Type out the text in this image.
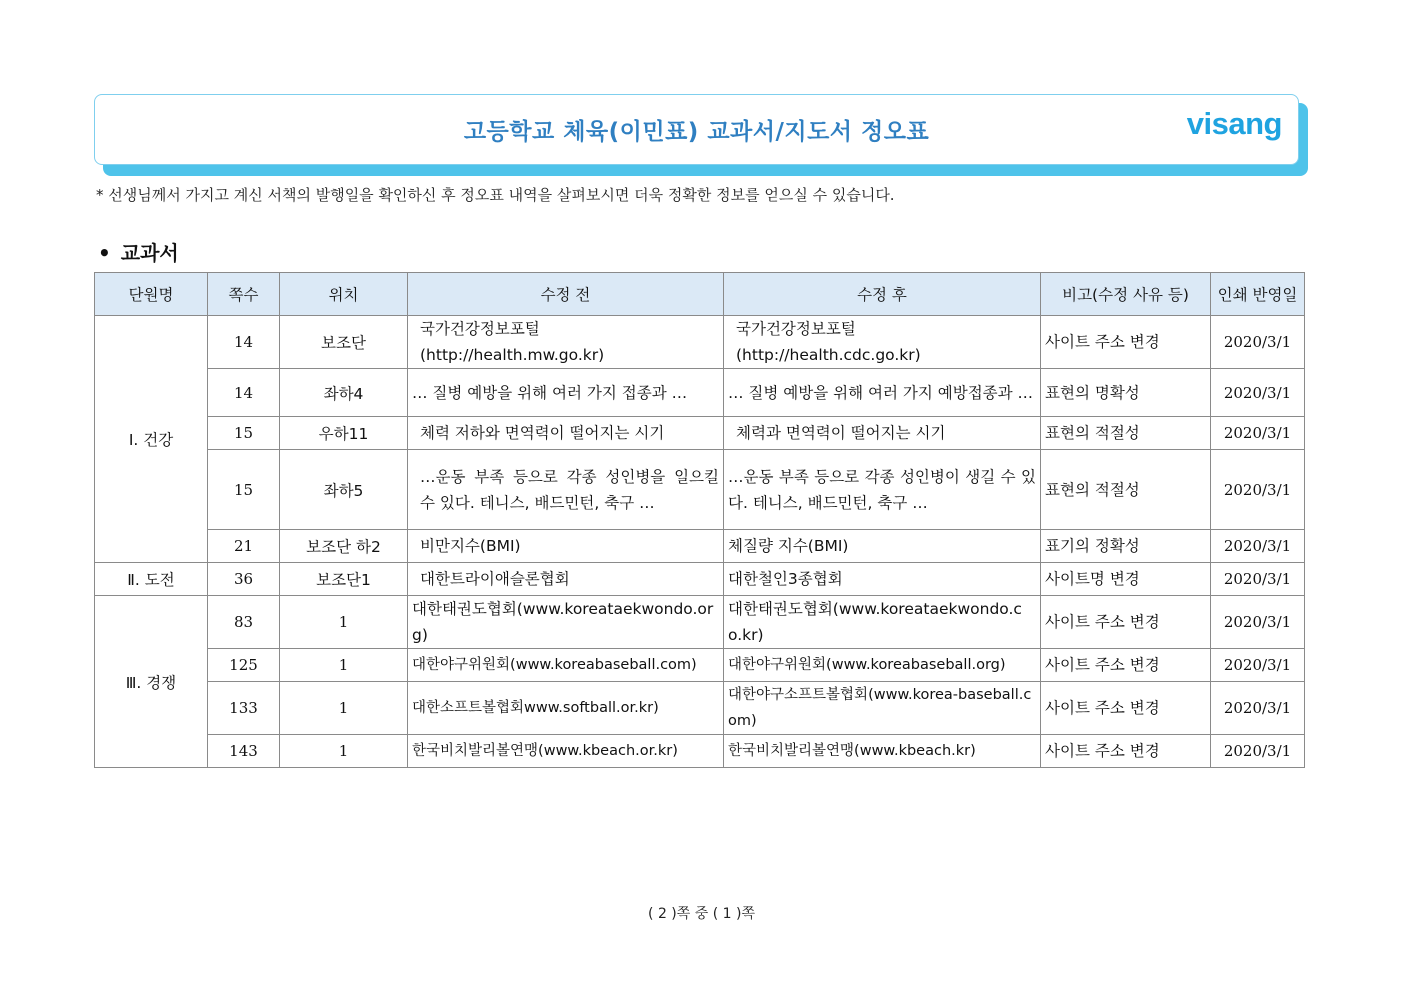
고등학교 체육(이민표) 교과서/지도서 정오표	visang
* 선생님께서 가지고 계신 서책의 발행일을 확인하신 후 정오표 내역을 살펴보시면 더욱 정확한 정보를 얻으실 수 있습니다.
• 교과서
단원명	쪽수	위치	수정 전	수정 후	비고(수정 사유 등)	인쇄 반영일
Ⅰ. 건강	14	보조단	국가건강정보포털 (http://health.mw.go.kr)	국가건강정보포털 (http://health.cdc.go.kr)	사이트 주소 변경	2020/3/1
	14	좌하4	… 질병 예방을 위해 여러 가지 접종과 …	… 질병 예방을 위해 여러 가지 예방접종과 …	표현의 명확성	2020/3/1
	15	우하11	체력 저하와 면역력이 떨어지는 시기	체력과 면역력이 떨어지는 시기	표현의 적절성	2020/3/1
	15	좌하5	…운동 부족 등으로 각종 성인병을 일으킬 수 있다. 테니스, 배드민턴, 축구 …	…운동 부족 등으로 각종 성인병이 생길 수 있다. 테니스, 배드민턴, 축구 …	표현의 적절성	2020/3/1
	21	보조단 하2	비만지수(BMI)	체질량 지수(BMI)	표기의 정확성	2020/3/1
Ⅱ. 도전	36	보조단1	대한트라이애슬론협회	대한철인3종협회	사이트명 변경	2020/3/1
Ⅲ. 경쟁	83	1	대한태권도협회(www.koreataekwondo.org)	대한태권도협회(www.koreataekwondo.co.kr)	사이트 주소 변경	2020/3/1
	125	1	대한야구위원회(www.koreabaseball.com)	대한야구위원회(www.koreabaseball.org)	사이트 주소 변경	2020/3/1
	133	1	대한소프트볼협회www.softball.or.kr)	대한야구소프트볼협회(www.korea-baseball.com)	사이트 주소 변경	2020/3/1
	143	1	한국비치발리볼연맹(www.kbeach.or.kr)	한국비치발리볼연맹(www.kbeach.kr)	사이트 주소 변경	2020/3/1
( 2 )쪽 중 ( 1 )쪽
